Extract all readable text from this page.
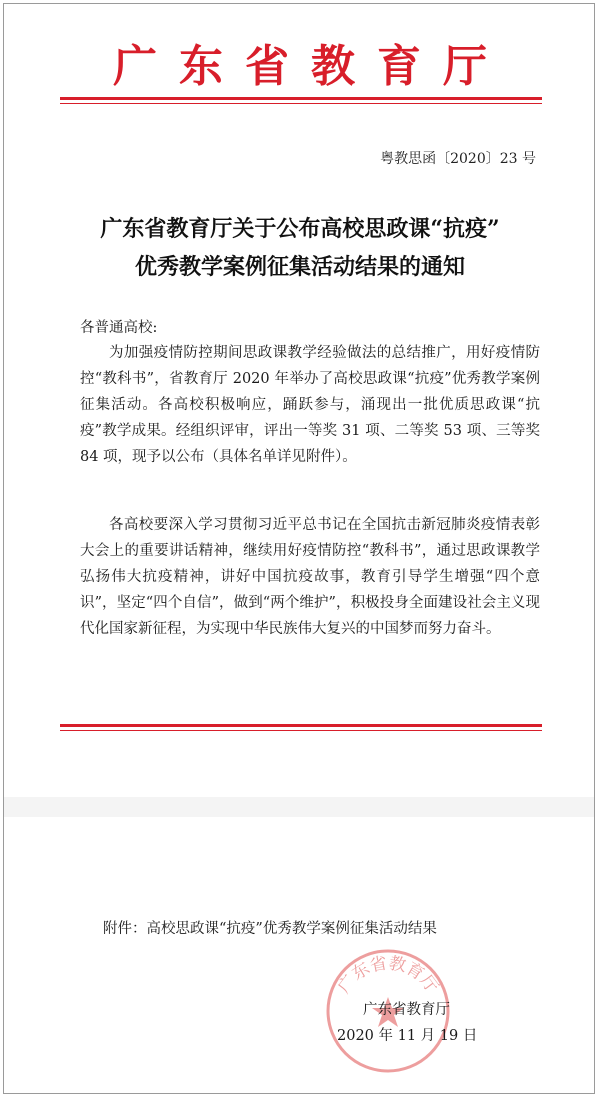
广东省教育厅
粤教思函〔2020〕23 号
广东省教育厅关于公布高校思政课“抗疫”
优秀教学案例征集活动结果的通知
各普通高校:

为加强疫情防控期间思政课教学经验做法的总结推广，用好疫情防控“教科书”，省教育厅 2020 年举办了高校思政课“抗疫”优秀教学案例征集活动。各高校积极响应，踊跃参与，涌现出一批优质思政课“抗疫”教学成果。经组织评审，评出一等奖 31 项、二等奖 53 项、三等奖 84 项，现予以公布（具体名单详见附件）。

各高校要深入学习贯彻习近平总书记在全国抗击新冠肺炎疫情表彰大会上的重要讲话精神，继续用好疫情防控“教科书”，通过思政课教学弘扬伟大抗疫精神，讲好中国抗疫故事，教育引导学生增强“四个意识”，坚定“四个自信”，做到“两个维护”，积极投身全面建设社会主义现代化国家新征程，为实现中华民族伟大复兴的中国梦而努力奋斗。

附件：高校思政课“抗疫”优秀教学案例征集活动结果
广东省教育厅
广东省教育厅
2020 年 11 月 19 日
